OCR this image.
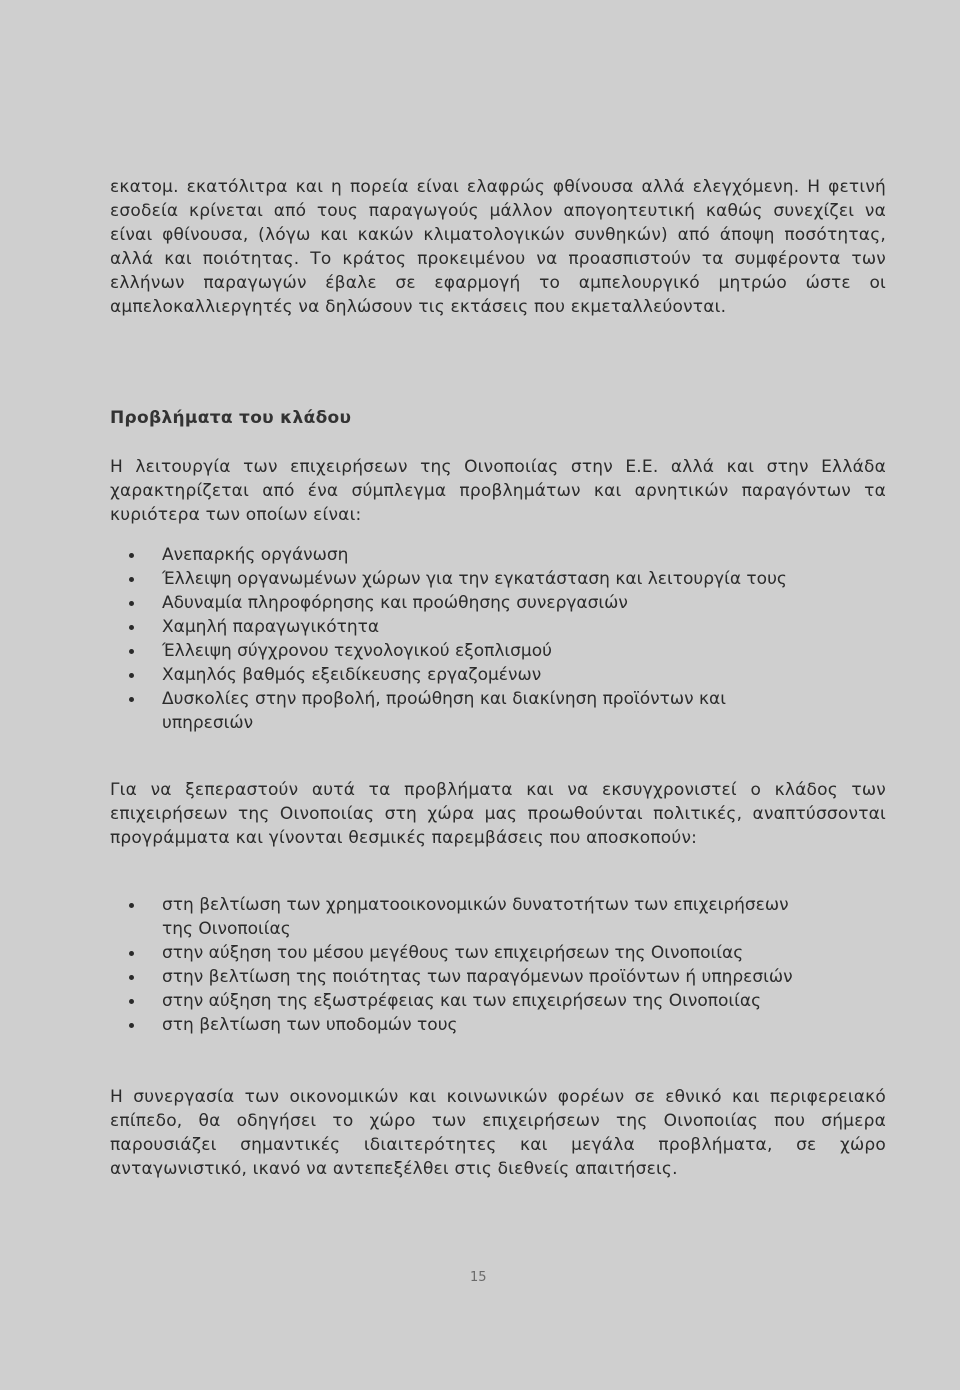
εκατομ. εκατόλιτρα και η πορεία είναι ελαφρώς φθίνουσα αλλά ελεγχόμενη. Η φετινή εσοδεία κρίνεται από τους παραγωγούς μάλλον απογοητευτική καθώς συνεχίζει να είναι φθίνουσα, (λόγω και κακών κλιματολογικών συνθηκών) από άποψη ποσότητας, αλλά και ποιότητας. Το κράτος προκειμένου να προασπιστούν τα συμφέροντα των ελλήνων παραγωγών έβαλε σε εφαρμογή το αμπελουργικό μητρώο ώστε οι αμπελοκαλλιεργητές να δηλώσουν τις εκτάσεις που εκμεταλλεύονται.
Προβλήματα του κλάδου
Η λειτουργία των επιχειρήσεων της Οινοποιίας στην Ε.Ε. αλλά και στην Ελλάδα χαρακτηρίζεται από ένα σύμπλεγμα προβλημάτων και αρνητικών παραγόντων τα κυριότερα των οποίων είναι:
Ανεπαρκής οργάνωση
Έλλειψη οργανωμένων χώρων για την εγκατάσταση και λειτουργία τους
Αδυναμία πληροφόρησης και προώθησης συνεργασιών
Χαμηλή παραγωγικότητα
Έλλειψη σύγχρονου τεχνολογικού εξοπλισμού
Χαμηλός βαθμός εξειδίκευσης εργαζομένων
Δυσκολίες στην προβολή, προώθηση και διακίνηση προϊόντων και υπηρεσιών
Για να ξεπεραστούν αυτά τα προβλήματα και να εκσυγχρονιστεί ο κλάδος των επιχειρήσεων της Οινοποιίας στη χώρα μας προωθούνται πολιτικές, αναπτύσσονται προγράμματα και γίνονται θεσμικές παρεμβάσεις που αποσκοπούν:
στη βελτίωση των χρηματοοικονομικών δυνατοτήτων των επιχειρήσεων της Οινοποιίας
στην αύξηση του μέσου μεγέθους των επιχειρήσεων της Οινοποιίας
στην βελτίωση της ποιότητας των παραγόμενων προϊόντων ή υπηρεσιών
στην αύξηση της εξωστρέφειας και των επιχειρήσεων της Οινοποιίας
στη βελτίωση των υποδομών τους
Η συνεργασία των οικονομικών και κοινωνικών φορέων σε εθνικό και περιφερειακό επίπεδο, θα οδηγήσει το χώρο των επιχειρήσεων της Οινοποιίας που σήμερα παρουσιάζει σημαντικές ιδιαιτερότητες και μεγάλα προβλήματα, σε χώρο ανταγωνιστικό, ικανό να αντεπεξέλθει στις διεθνείς απαιτήσεις.
15
